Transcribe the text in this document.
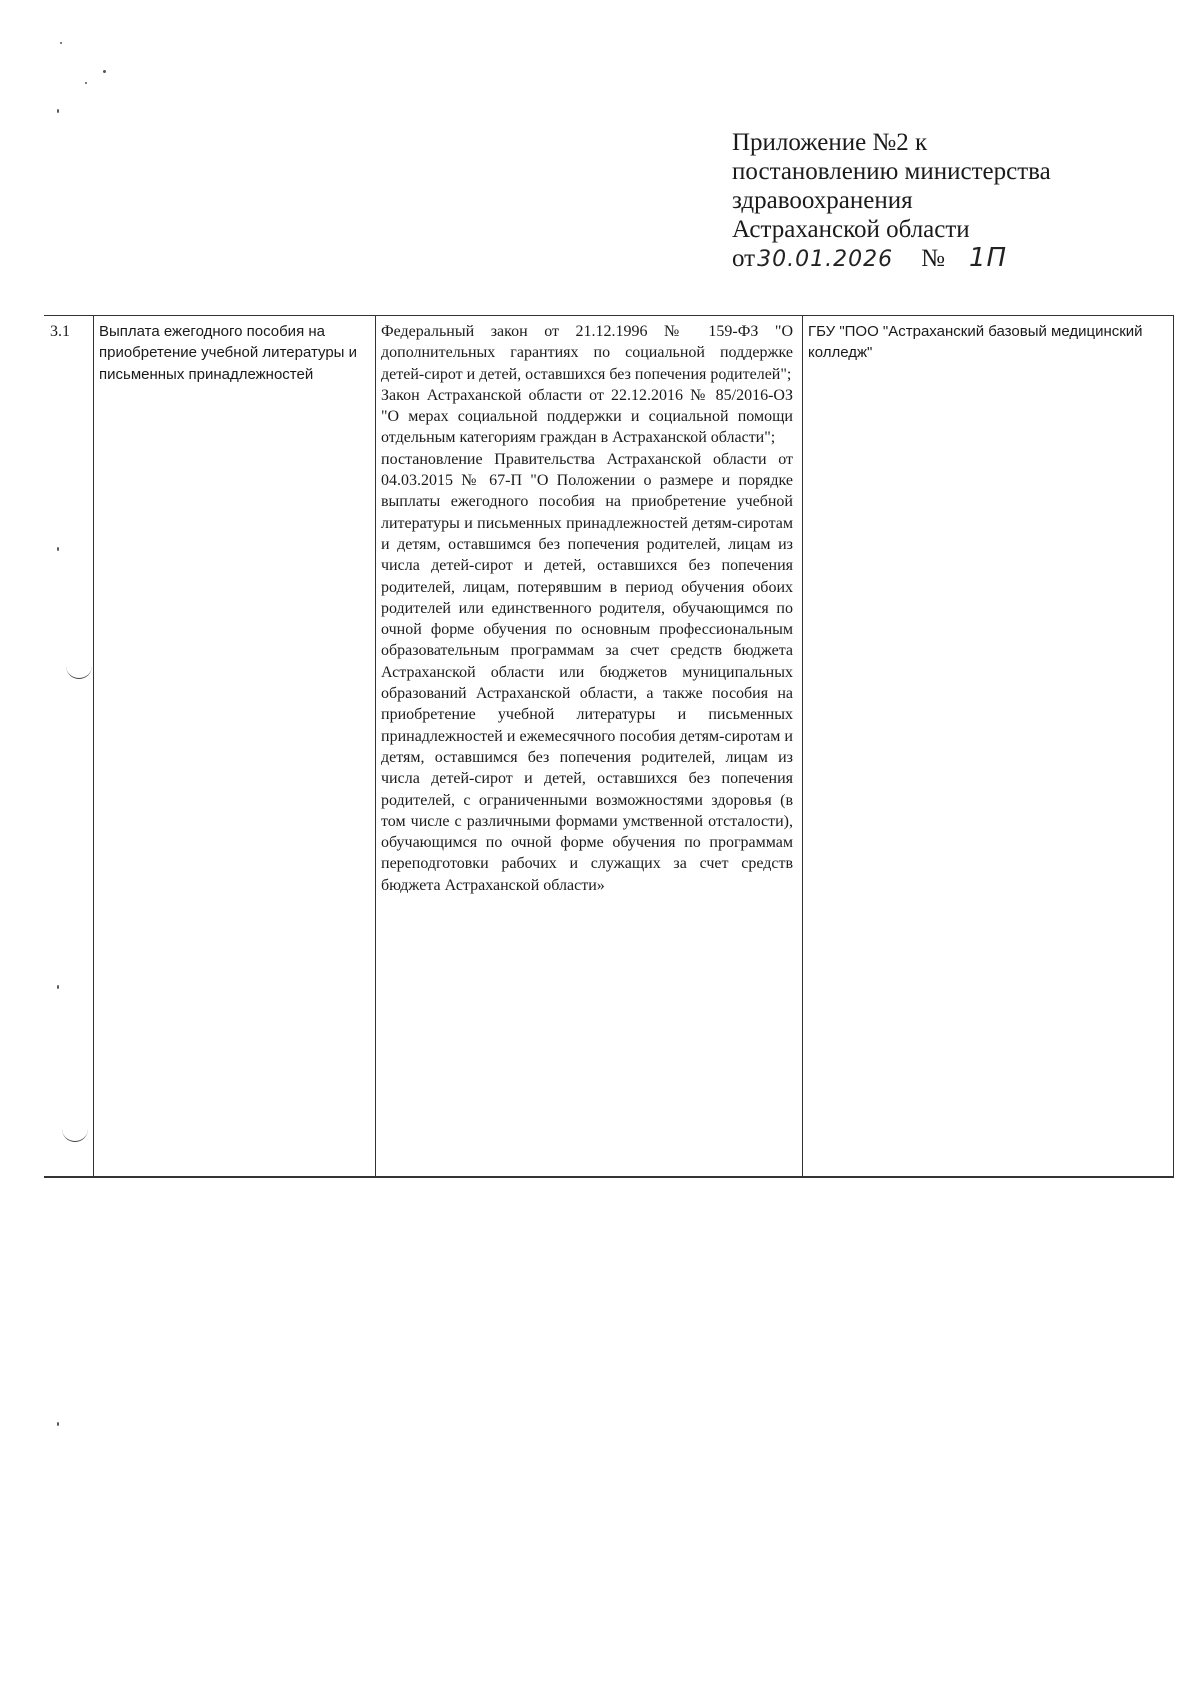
Приложение №2 к
постановлению министерства
здравоохранения
Астраханской области
от30.01.2026 № 1П
3.1 Выплата ежегодного пособия на приобретение учебной литературы и письменных принадлежностей
Федеральный закон от 21.12.1996 № 159-ФЗ "О дополнительных гарантиях по социальной поддержке детей-сирот и детей, оставшихся без попечения родителей";
Закон Астраханской области от 22.12.2016 № 85/2016-ОЗ "О мерах социальной поддержки и социальной помощи отдельным категориям граждан в Астраханской области";
постановление Правительства Астраханской области от 04.03.2015 № 67-П "О Положении о размере и порядке выплаты ежегодного пособия на приобретение учебной литературы и письменных принадлежностей детям-сиротам и детям, оставшимся без попечения родителей, лицам из числа детей-сирот и детей, оставшихся без попечения родителей, лицам, потерявшим в период обучения обоих родителей или единственного родителя, обучающимся по очной форме обучения по основным профессиональным образовательным программам за счет средств бюджета Астраханской области или бюджетов муниципальных образований Астраханской области, а также пособия на приобретение учебной литературы и письменных принадлежностей и ежемесячного пособия детям-сиротам и детям, оставшимся без попечения родителей, лицам из числа детей-сирот и детей, оставшихся без попечения родителей, с ограниченными возможностями здоровья (в том числе с различными формами умственной отсталости), обучающимся по очной форме обучения по программам переподготовки рабочих и служащих за счет средств бюджета Астраханской области»
ГБУ "ПОО "Астраханский базовый медицинский колледж"
